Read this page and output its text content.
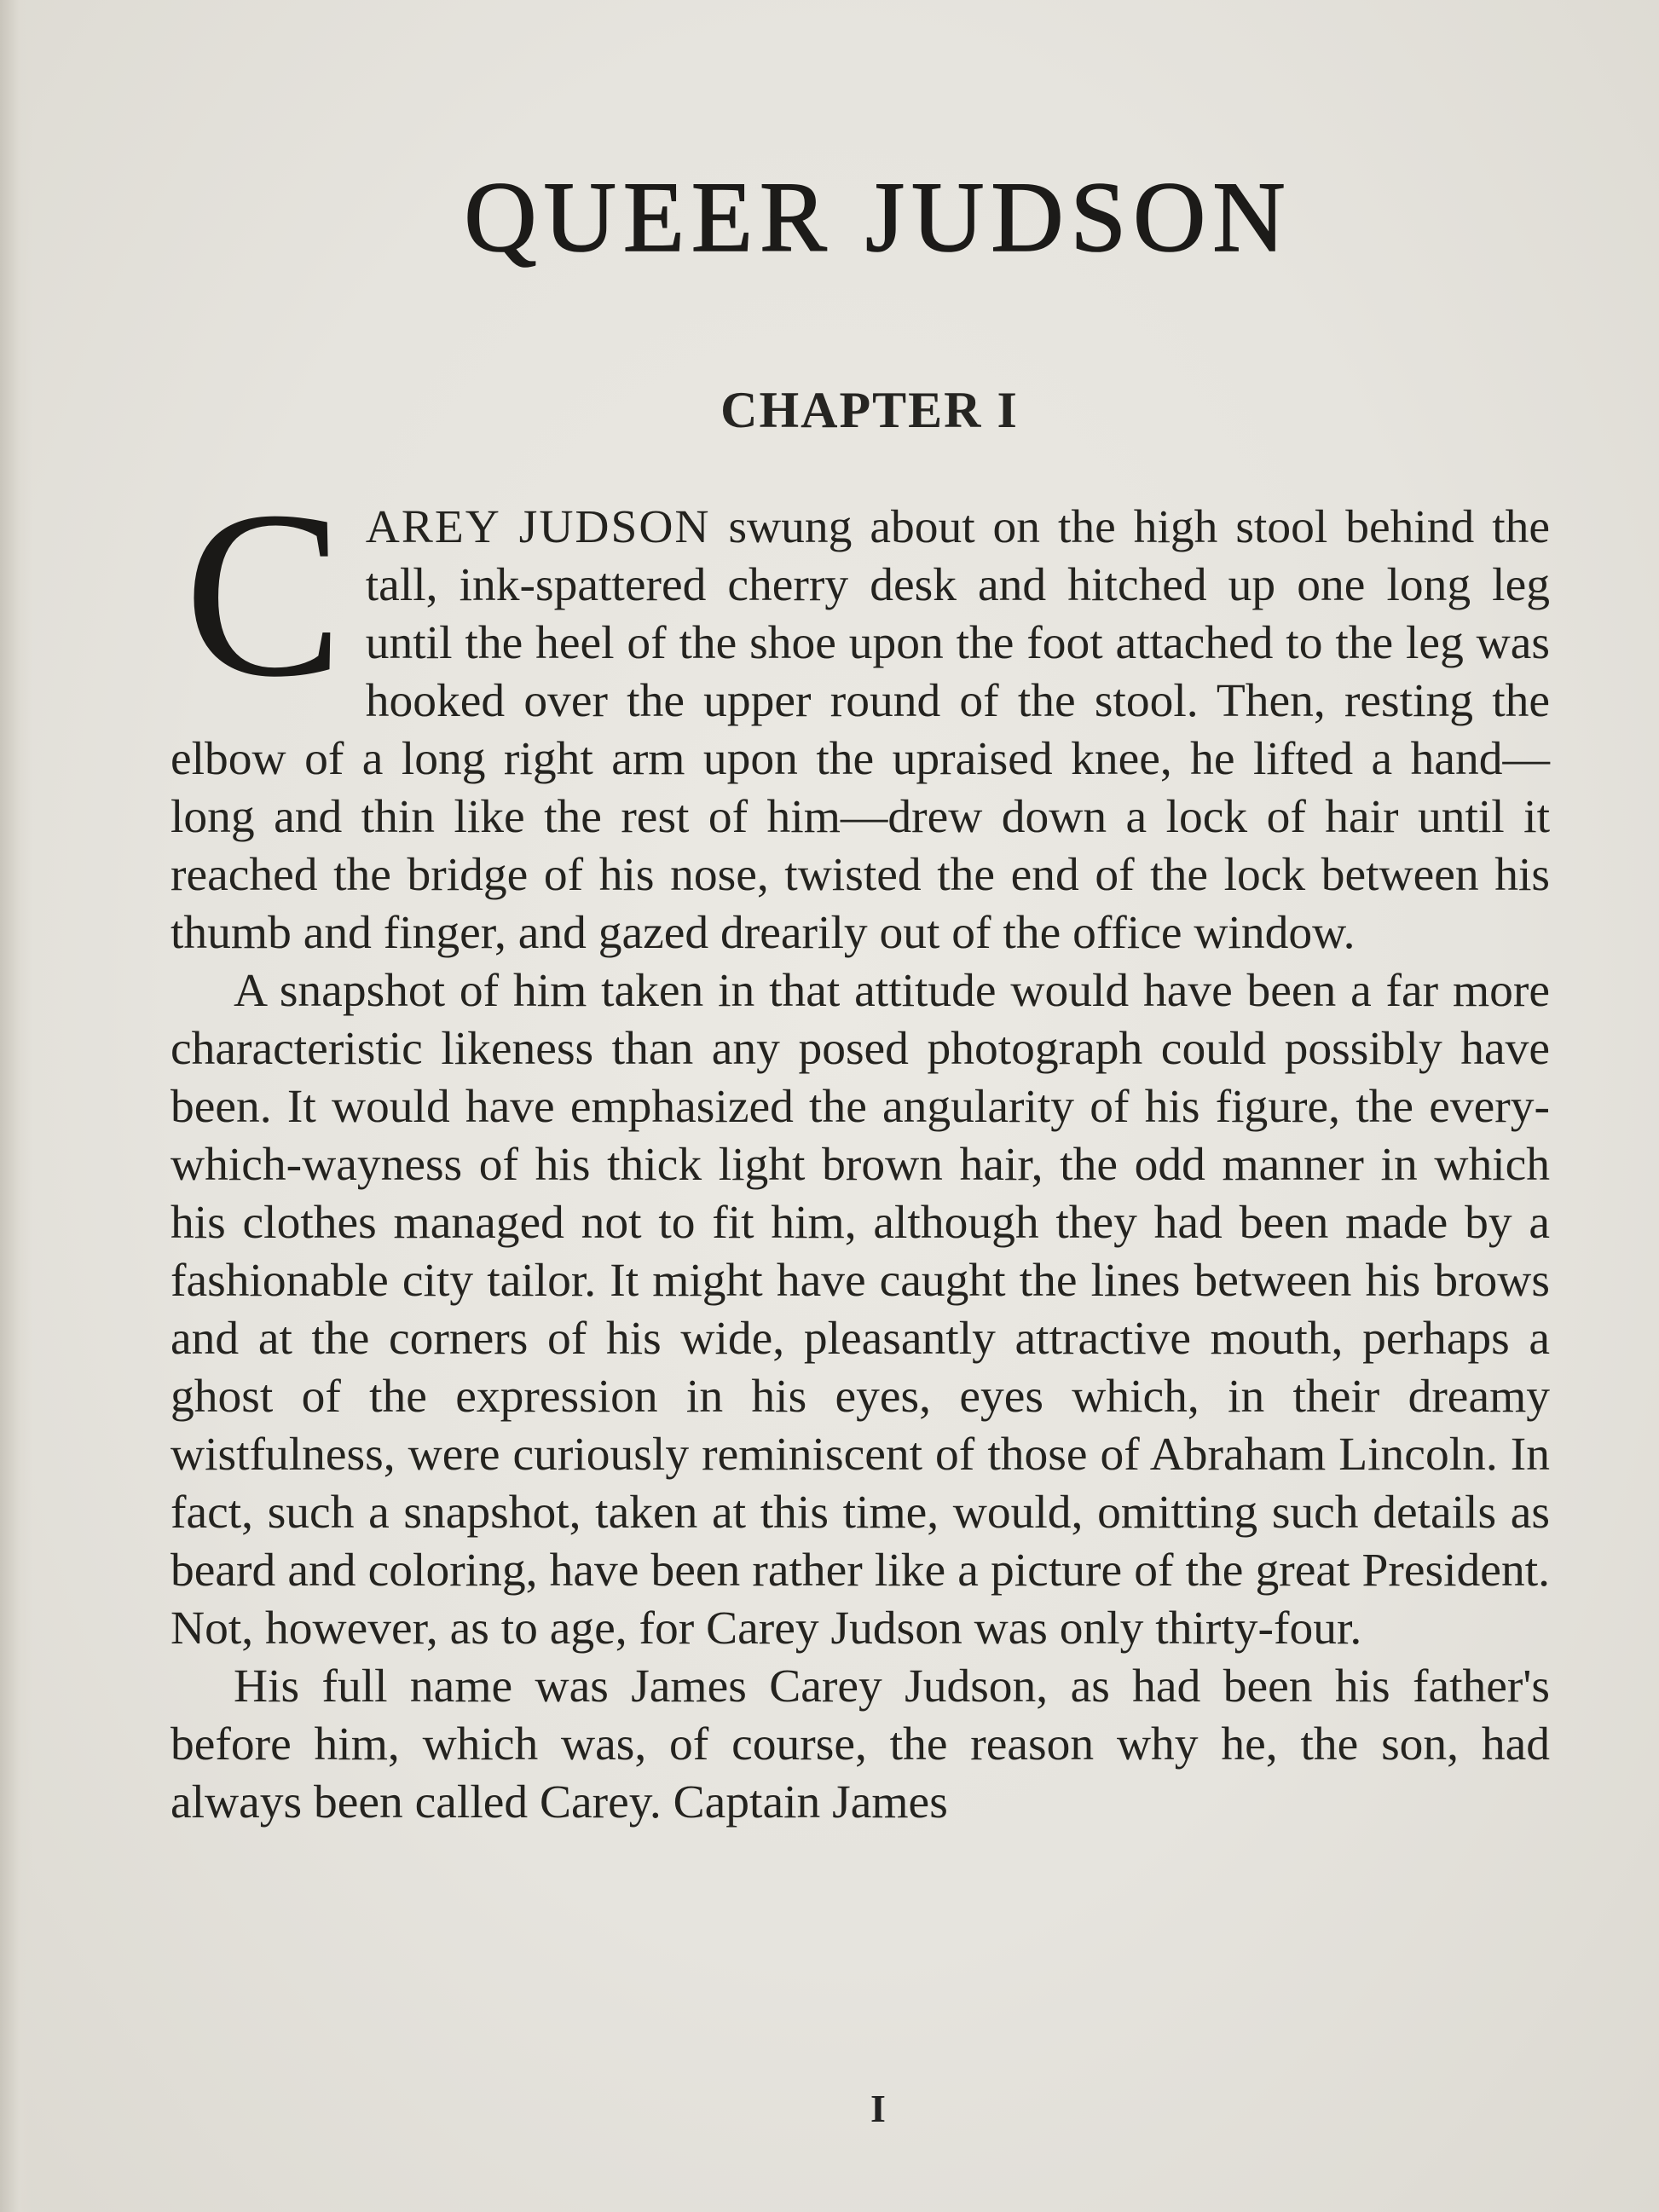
QUEER JUDSON
CHAPTER I

CAREY JUDSON swung about on the high stool behind the tall, ink-spattered cherry desk and hitched up one long leg until the heel of the shoe upon the foot attached to the leg was hooked over the upper round of the stool. Then, resting the elbow of a long right arm upon the upraised knee, he lifted a hand—long and thin like the rest of him—drew down a lock of hair until it reached the bridge of his nose, twisted the end of the lock between his thumb and finger, and gazed drearily out of the office window.

A snapshot of him taken in that attitude would have been a far more characteristic likeness than any posed photograph could possibly have been. It would have emphasized the angularity of his figure, the every-which-wayness of his thick light brown hair, the odd manner in which his clothes managed not to fit him, although they had been made by a fashionable city tailor. It might have caught the lines between his brows and at the corners of his wide, pleasantly attractive mouth, perhaps a ghost of the expression in his eyes, eyes which, in their dreamy wistfulness, were curiously reminiscent of those of Abraham Lincoln. In fact, such a snapshot, taken at this time, would, omitting such details as beard and coloring, have been rather like a picture of the great President. Not, however, as to age, for Carey Judson was only thirty-four.

His full name was James Carey Judson, as had been his father's before him, which was, of course, the reason why he, the son, had always been called Carey. Captain James

I
